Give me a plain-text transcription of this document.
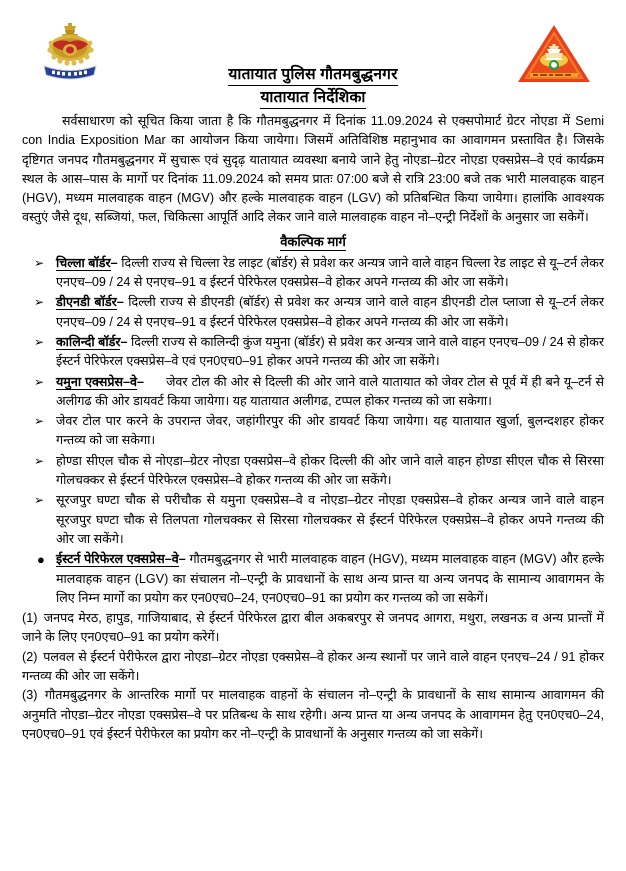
यातायात पुलिस गौतमबुद्धनगर
यातायात निर्देशिका

सर्वसाधारण को सूचित किया जाता है कि गौतमबुद्धनगर में दिनांक 11.09.2024 से एक्सपोमार्ट ग्रेटर नोएडा में Semi con India Exposition Mar का आयोजन किया जायेगा। जिसमें अतिविशिष्ठ महानुभाव का आवागमन प्रस्तावित है। जिसके दृष्टिगत जनपद गौतमबुद्धनगर में सुचारू एवं सुदृढ़ यातायात व्यवस्था बनाये जाने हेतु नोएडा–ग्रेटर नोएडा एक्सप्रेस–वे एवं कार्यक्रम स्थल के आस–पास के मार्गो पर दिनांक 11.09.2024 को समय प्रातः 07:00 बजे से रात्रि 23:00 बजे तक भारी मालवाहक वाहन (HGV), मध्यम मालवाहक वाहन (MGV) और हल्के मालवाहक वाहन (LGV) को प्रतिबन्धित किया जायेगा। हालांकि आवश्यक वस्तुएं जैसे दूध, सब्जियां, फल, चिकित्सा आपूर्ति आदि लेकर जाने वाले मालवाहक वाहन नो–एन्ट्री निर्देशों के अनुसार जा सकेगें।

वैकल्पिक मार्ग
➢ चिल्ला बॉर्डर– दिल्ली राज्य से चिल्ला रेड लाइट (बॉर्डर) से प्रवेश कर अन्यत्र जाने वाले वाहन चिल्ला रेड लाइट से यू–टर्न लेकर एनएच–09 / 24 से एनएच–91 व ईस्टर्न पेरिफेरल एक्सप्रेस–वे होकर अपने गन्तव्य की ओर जा सकेंगे।
➢ डीएनडी बॉर्डर– दिल्ली राज्य से डीएनडी (बॉर्डर) से प्रवेश कर अन्यत्र जाने वाले वाहन डीएनडी टोल प्लाजा से यू–टर्न लेकर एनएच–09 / 24 से एनएच–91 व ईस्टर्न पेरिफेरल एक्सप्रेस–वे होकर अपने गन्तव्य की ओर जा सकेंगे।
➢ कालिन्दी बॉर्डर– दिल्ली राज्य से कालिन्दी कुंज यमुना (बॉर्डर) से प्रवेश कर अन्यत्र जाने वाले वाहन एनएच–09 / 24 से होकर ईस्टर्न पेरिफेरल एक्सप्रेस–वे एवं एन0एच0–91 होकर अपने गन्तव्य की ओर जा सकेंगे।
➢ यमुना एक्सप्रेस–वे– जेवर टोल की ओर से दिल्ली की ओर जाने वाले यातायात को जेवर टोल से पूर्व में ही बने यू–टर्न से अलीगढ की ओर डायवर्ट किया जायेगा। यह यातायात अलीगढ, टप्पल होकर गन्तव्य को जा सकेगा।
➢ जेवर टोल पार करने के उपरान्त जेवर, जहांगीरपुर की ओर डायवर्ट किया जायेगा। यह यातायात खुर्जा, बुलन्दशहर होकर गन्तव्य को जा सकेगा।
➢ होण्डा सीएल चौक से नोएडा–ग्रेटर नोएडा एक्सप्रेस–वे होकर दिल्ली की ओर जाने वाले वाहन होण्डा सीएल चौक से सिरसा गोलचक्कर से ईस्टर्न पेरिफेरल एक्सप्रेस–वे होकर गन्तव्य की ओर जा सकेंगे।
➢ सूरजपुर घण्टा चौक से परीचौक से यमुना एक्सप्रेस–वे व नोएडा–ग्रेटर नोएडा एक्सप्रेस–वे होकर अन्यत्र जाने वाले वाहन सूरजपुर घण्टा चौक से तिलपता गोलचक्कर से सिरसा गोलचक्कर से ईस्टर्न पेरिफेरल एक्सप्रेस–वे होकर अपने गन्तव्य की ओर जा सकेंगे।
● ईस्टर्न पेरिफेरल एक्सप्रेस–वे– गौतमबुद्धनगर से भारी मालवाहक वाहन (HGV), मध्यम मालवाहक वाहन (MGV) और हल्के मालवाहक वाहन (LGV) का संचालन नो–एन्ट्री के प्रावधानों के साथ अन्य प्रान्त या अन्य जनपद के सामान्य आवागमन के लिए निम्न मार्गो का प्रयोग कर एन0एच0–24, एन0एच0–91 का प्रयोग कर गन्तव्य को जा सकेगें।
(1) जनपद मेरठ, हापुड, गाजियाबाद, से ईस्टर्न पेरिफेरल द्वारा बील अकबरपुर से जनपद आगरा, मथुरा, लखनऊ व अन्य प्रान्तों में जाने के लिए एन0एच0–91 का प्रयोग करेगें।
(2) पलवल से ईस्टर्न पेरीफेरल द्वारा नोएडा–ग्रेटर नोएडा एक्सप्रेस–वे होकर अन्य स्थानों पर जाने वाले वाहन एनएच–24 / 91 होकर गन्तव्य की ओर जा सकेंगे।
(3) गौतमबुद्धनगर के आन्तरिक मार्गो पर मालवाहक वाहनों के संचालन नो–एन्ट्री के प्रावधानों के साथ सामान्य आवागमन की अनुमति नोएडा–ग्रेटर नोएडा एक्सप्रेस–वे पर प्रतिबन्ध के साथ रहेगी। अन्य प्रान्त या अन्य जनपद के आवागमन हेतु एन0एच0–24, एन0एच0–91 एवं ईस्टर्न पेरीफेरल का प्रयोग कर नो–एन्ट्री के प्रावधानों के अनुसार गन्तव्य को जा सकेगें।
